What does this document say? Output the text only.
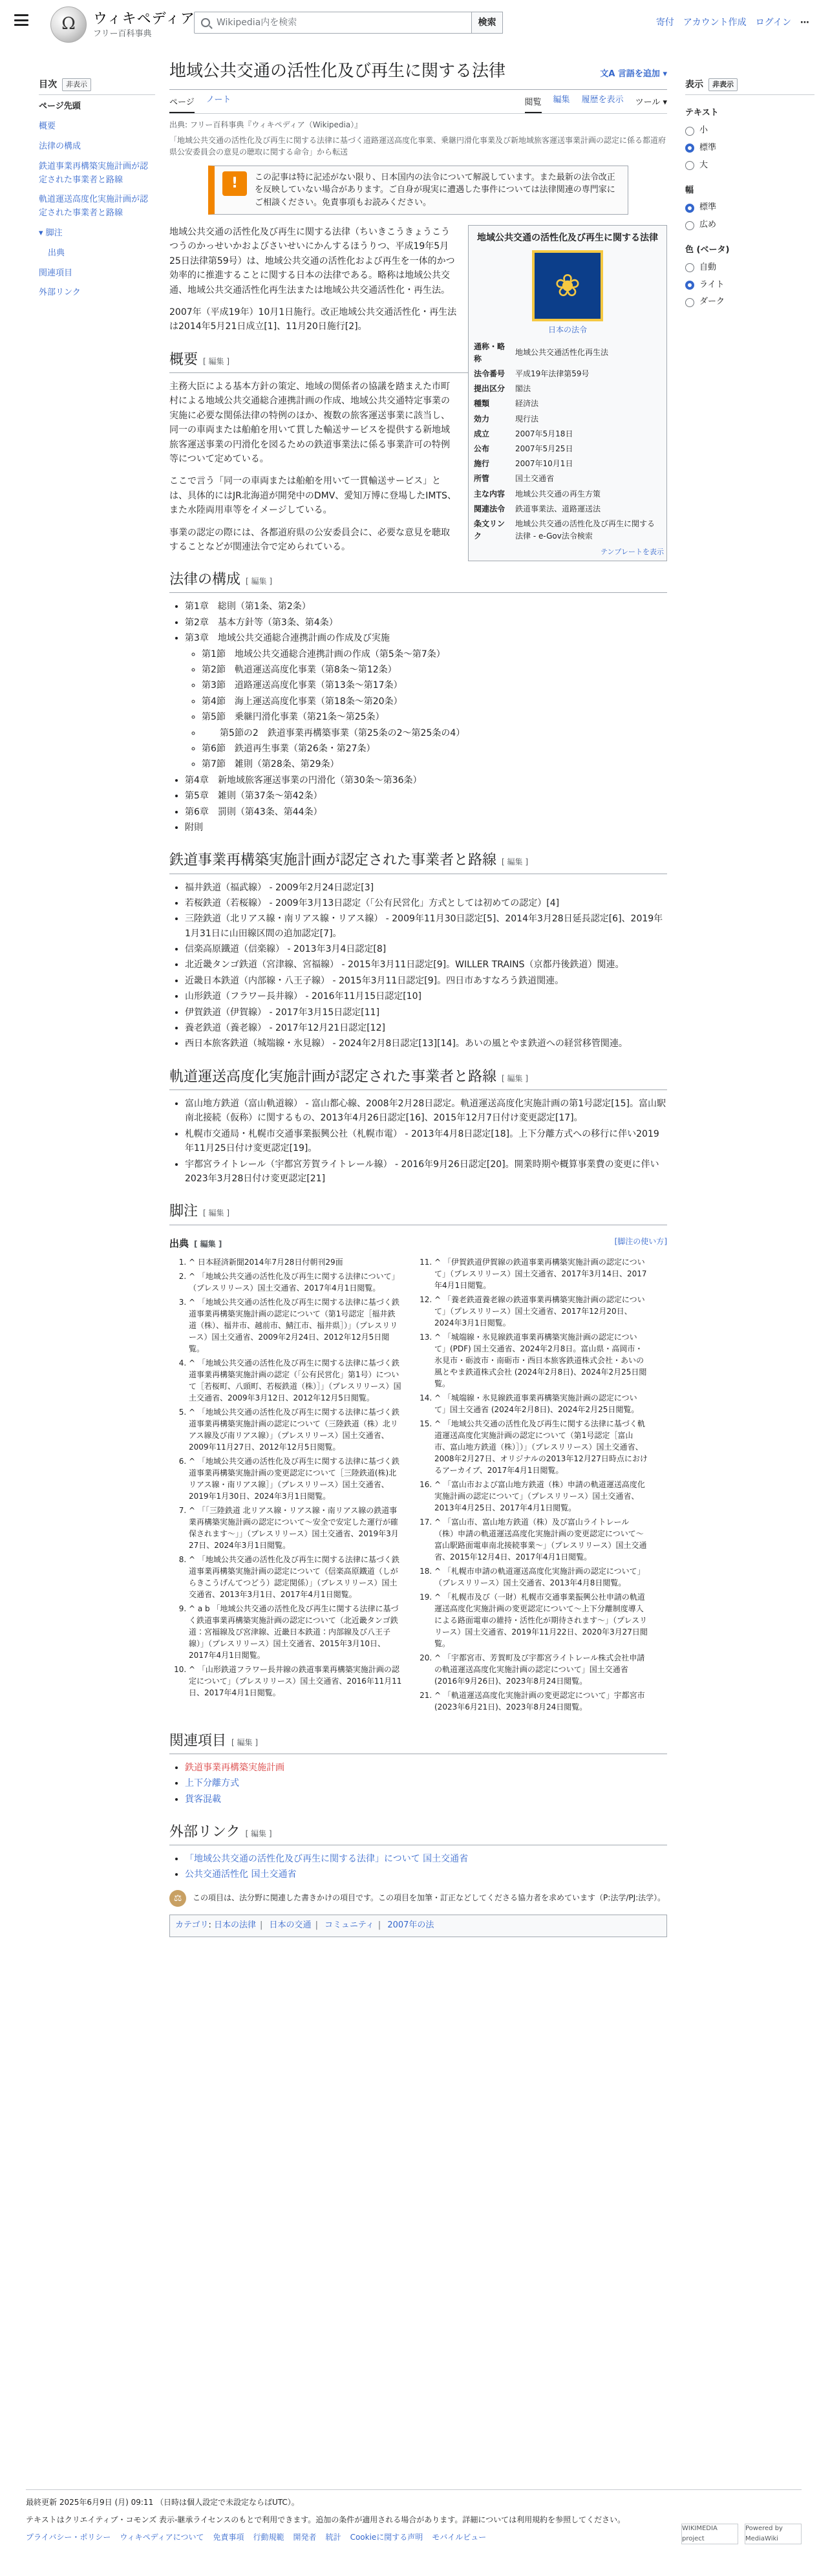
Ω	ウィキペディア
フリー百科事典
Wikipedia内を検索	検索	寄付 アカウント作成 ログイン ⋯
目次	非表示
ページ先頭
概要
法律の構成
鉄道事業再構築実施計画が認定された事業者と路線
軌道運送高度化実施計画が認定された事業者と路線
▾ 脚注
出典
関連項目
外部リンク
表示	非表示
テキスト
小
標準
大
幅
標準
広め
色 (ベータ)
自動
ライト
ダーク
地域公共交通の活性化及び再生に関する法律	文A 言語を追加 ▾
ページ ノート	閲覧 編集 履歴を表示 ツール ▾
出典: フリー百科事典『ウィキペディア（Wikipedia）』
「地域公共交通の活性化及び再生に関する法律に基づく道路運送高度化事業、乗継円滑化事業及び新地域旅客運送事業計画の認定に係る都道府県公安委員会の意見の聴取に関する命令」から転送
!	この記事は特に記述がない限り、日本国内の法令について解説しています。また最新の法令改正を反映していない場合があります。ご自身が現実に遭遇した事件については法律関連の専門家にご相談ください。免責事項もお読みください。
地域公共交通の活性化及び再生に関する法律
❀
日本の法令
通称・略称	地域公共交通活性化再生法
法令番号	平成19年法律第59号
提出区分	閣法
種類	経済法
効力	現行法
成立	2007年5月18日
公布	2007年5月25日
施行	2007年10月1日
所管	国土交通省
主な内容	地域公共交通の再生方策
関連法令	鉄道事業法、道路運送法
条文リンク	地域公共交通の活性化及び再生に関する法律 - e-Gov法令検索
テンプレートを表示

地域公共交通の活性化及び再生に関する法律（ちいきこうきょうこうつうのかっせいかおよびさいせいにかんするほうりつ、平成19年5月25日法律第59号）は、地域公共交通の活性化および再生を一体的かつ効率的に推進することに関する日本の法律である。略称は地域公共交通、地域公共交通活性化再生法または地域公共交通活性化・再生法。

2007年（平成19年）10月1日施行。改正地域公共交通活性化・再生法は2014年5月21日成立[1]、11月20日施行[2]。

概要 [ 編集 ]

主務大臣による基本方針の策定、地域の関係者の協議を踏まえた市町村による地域公共交通総合連携計画の作成、地域公共交通特定事業の実施に必要な関係法律の特例のほか、複数の旅客運送事業に該当し、同一の車両または船舶を用いて貫した輸送サービスを提供する新地域旅客運送事業の円滑化を図るための鉄道事業法に係る事業許可の特例等について定めている。

ここで言う「同一の車両または船舶を用いて一貫輸送サービス」とは、具体的にはJR北海道が開発中のDMV、愛知万博に登場したIMTS、また水陸両用車等をイメージしている。

事業の認定の際には、各都道府県の公安委員会に、必要な意見を聴取することなどが関連法令で定められている。

法律の構成 [ 編集 ]
• 第1章　総則（第1条、第2条）
• 第2章　基本方針等（第3条、第4条）
• 第3章　地域公共交通総合連携計画の作成及び実施
◦ 第1節　地域公共交通総合連携計画の作成（第5条〜第7条）
◦ 第2節　軌道運送高度化事業（第8条〜第12条）
◦ 第3節　道路運送高度化事業（第13条〜第17条）
◦ 第4節　海上運送高度化事業（第18条〜第20条）
◦ 第5節　乗継円滑化事業（第21条〜第25条）
◦ 　　第5節の2　鉄道事業再構築事業（第25条の2〜第25条の4）
◦ 第6節　鉄道再生事業（第26条・第27条）
◦ 第7節　雑則（第28条、第29条）
• 第4章　新地域旅客運送事業の円滑化（第30条〜第36条）
• 第5章　雑則（第37条〜第42条）
• 第6章　罰則（第43条、第44条）
• 附則
鉄道事業再構築実施計画が認定された事業者と路線 [ 編集 ]
• 福井鉄道（福武線） - 2009年2月24日認定[3]
• 若桜鉄道（若桜線） - 2009年3月13日認定（「公有民営化」方式としては初めての認定）[4]
• 三陸鉄道（北リアス線・南リアス線・リアス線） - 2009年11月30日認定[5]、2014年3月28日延長認定[6]、2019年1月31日に山田線区間の追加認定[7]。
• 信楽高原鐵道（信楽線） - 2013年3月4日認定[8]
• 北近畿タンゴ鉄道（宮津線、宮福線） - 2015年3月11日認定[9]。WILLER TRAINS（京都丹後鉄道）関連。
• 近畿日本鉄道（内部線・八王子線） - 2015年3月11日認定[9]。四日市あすなろう鉄道関連。
• 山形鉄道（フラワー長井線） - 2016年11月15日認定[10]
• 伊賀鉄道（伊賀線） - 2017年3月15日認定[11]
• 養老鉄道（養老線） - 2017年12月21日認定[12]
• 西日本旅客鉄道（城端線・氷見線） - 2024年2月8日認定[13][14]。あいの風とやま鉄道への経営移管関連。
軌道運送高度化実施計画が認定された事業者と路線 [ 編集 ]
• 富山地方鉄道（富山軌道線） - 富山都心線、2008年2月28日認定。軌道運送高度化実施計画の第1号認定[15]。富山駅南北接続（仮称）に関するもの、2013年4月26日認定[16]、2015年12月7日付け変更認定[17]。
• 札幌市交通局・札幌市交通事業振興公社（札幌市電） - 2013年4月8日認定[18]。上下分離方式への移行に伴い2019年11月25日付け変更認定[19]。
• 宇都宮ライトレール（宇都宮芳賀ライトレール線） - 2016年9月26日認定[20]。開業時期や概算事業費の変更に伴い2023年3月28日付け変更認定[21]
脚注 [ 編集 ]
出典 [ 編集 ]	[脚注の使い方]
1. ^ 日本経済新聞2014年7月28日付朝刊29面
2. ^ 「地域公共交通の活性化及び再生に関する法律について」（プレスリリース）国土交通省、2017年4月1日閲覧。
3. ^ 「地域公共交通の活性化及び再生に関する法律に基づく鉄道事業再構築実施計画の認定について（第1号認定［福井鉄道（株）、福井市、越前市、鯖江市、福井県］）」（プレスリリース）国土交通省、2009年2月24日、2012年12月5日閲覧。
4. ^ 「地域公共交通の活性化及び再生に関する法律に基づく鉄道事業再構築実施計画の認定（「公有民営化」第1号）について［若桜町、八頭町、若桜鉄道（株）］」（プレスリリース）国土交通省、2009年3月12日、2012年12月5日閲覧。
5. ^ 「地域公共交通の活性化及び再生に関する法律に基づく鉄道事業再構築実施計画の認定について（三陸鉄道（株）北リアス線及び南リアス線）」（プレスリリース）国土交通省、2009年11月27日、2012年12月5日閲覧。
6. ^ 「地域公共交通の活性化及び再生に関する法律に基づく鉄道事業再構築実施計画の変更認定について［三陸鉄道(株)北リアス線・南リアス線］」（プレスリリース）国土交通省、2019年1月30日、2024年3月1日閲覧。
7. ^ 「「三陸鉄道 北リアス線・リアス線・南リアス線の鉄道事業再構築実施計画の認定について〜安全で安定した運行が確保されます〜」」（プレスリリース）国土交通省、2019年3月27日、2024年3月1日閲覧。
8. ^ 「地域公共交通の活性化及び再生に関する法律に基づく鉄道事業再構築実施計画の認定について（信楽高原鐵道（しがらきこうげんてつどう）認定関係）」（プレスリリース）国土交通省、2013年3月1日、2017年4月1日閲覧。
9. ^ a b 「地域公共交通の活性化及び再生に関する法律に基づく鉄道事業再構築実施計画の認定について（北近畿タンゴ鉄道：宮福線及び宮津線、近畿日本鉄道：内部線及び八王子線）」（プレスリリース）国土交通省、2015年3月10日、2017年4月1日閲覧。
10. ^ 「山形鉄道フラワー長井線の鉄道事業再構築実施計画の認定について」（プレスリリース）国土交通省、2016年11月11日、2017年4月1日閲覧。
11. ^ 「伊賀鉄道伊賀線の鉄道事業再構築実施計画の認定について」（プレスリリース）国土交通省、2017年3月14日、2017年4月1日閲覧。
12. ^ 「養老鉄道養老線の鉄道事業再構築実施計画の認定について」（プレスリリース）国土交通省、2017年12月20日、2024年3月1日閲覧。
13. ^ 「城端線・氷見線鉄道事業再構築実施計画の認定について」(PDF) 国土交通省、2024年2月8日。富山県・高岡市・氷見市・砺波市・南砺市・西日本旅客鉄道株式会社・あいの風とやま鉄道株式会社 (2024年2月8日)、2024年2月25日閲覧。
14. ^ 「城端線・氷見線鉄道事業再構築実施計画の認定について」国土交通省 (2024年2月8日)、2024年2月25日閲覧。
15. ^ 「地域公共交通の活性化及び再生に関する法律に基づく軌道運送高度化実施計画の認定について（第1号認定［富山市、富山地方鉄道（株）］）」（プレスリリース）国土交通省、2008年2月27日、オリジナルの2013年12月27日時点におけるアーカイブ、2017年4月1日閲覧。
16. ^ 「富山市および富山地方鉄道（株）申請の軌道運送高度化実施計画の認定について」（プレスリリース）国土交通省、2013年4月25日、2017年4月1日閲覧。
17. ^ 「富山市、富山地方鉄道（株）及び富山ライトレール（株）申請の軌道運送高度化実施計画の変更認定について〜富山駅路面電車南北接続事業〜」（プレスリリース）国土交通省、2015年12月4日、2017年4月1日閲覧。
18. ^ 「札幌市申請の軌道運送高度化実施計画の認定について」（プレスリリース）国土交通省、2013年4月8日閲覧。
19. ^ 「札幌市及び（一財）札幌市交通事業振興公社申請の軌道運送高度化実施計画の変更認定について〜上下分離制度導入による路面電車の維持・活性化が期待されます〜」（プレスリリース）国土交通省、2019年11月22日、2020年3月27日閲覧。
20. ^ 「宇都宮市、芳賀町及び宇都宮ライトレール株式会社申請の軌道運送高度化実施計画の認定について」国土交通省 (2016年9月26日)、2023年8月24日閲覧。
21. ^ 「軌道運送高度化実施計画の変更認定について」宇都宮市 (2023年6月21日)、2023年8月24日閲覧。
関連項目 [ 編集 ]
• 鉄道事業再構築実施計画
• 上下分離方式
• 貨客混載
外部リンク [ 編集 ]
• 「地域公共交通の活性化及び再生に関する法律」について 国土交通省
• 公共交通活性化 国土交通省
⚖	この項目は、法分野に関連した書きかけの項目です。この項目を加筆・訂正などしてくださる協力者を求めています（P:法学/PJ:法学）。
カテゴリ: 日本の法律 | 日本の交通 | コミュニティ | 2007年の法

最終更新 2025年6月9日 (月) 09:11 （日時は個人設定で未設定ならばUTC）。

テキストはクリエイティブ・コモンズ 表示-継承ライセンスのもとで利用できます。追加の条件が適用される場合があります。詳細については利用規約を参照してください。

プライバシー・ポリシー ウィキペディアについて 免責事項 行動規範 開発者 統計 Cookieに関する声明 モバイルビュー
WIKIMEDIA project
Powered by MediaWiki
